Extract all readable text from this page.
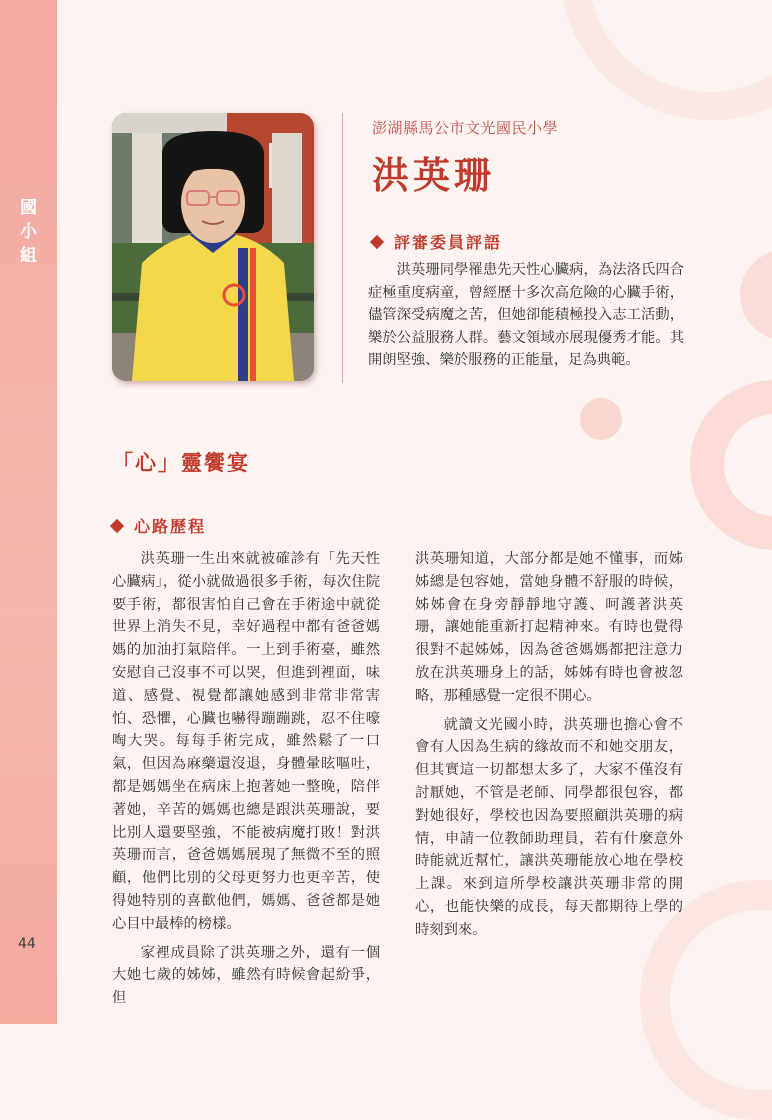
國
小
組
44
澎湖縣馬公市文光國民小學
洪英珊
評審委員評語

洪英珊同學罹患先天性心臟病，為法洛氏四合症極重度病童，曾經歷十多次高危險的心臟手術，儘管深受病魔之苦，但她卻能積極投入志工活動，樂於公益服務人群。藝文領域亦展現優秀才能。其開朗堅強、樂於服務的正能量，足為典範。

「心」靈饗宴
心路歷程

洪英珊一生出來就被確診有「先天性心臟病」，從小就做過很多手術，每次住院要手術，都很害怕自己會在手術途中就從世界上消失不見，幸好過程中都有爸爸媽媽的加油打氣陪伴。一上到手術臺，雖然安慰自己沒事不可以哭，但進到裡面，味道、感覺、視覺都讓她感到非常非常害怕、恐懼，心臟也嚇得蹦蹦跳，忍不住嚎啕大哭。每每手術完成，雖然鬆了一口氣，但因為麻藥還沒退，身體暈眩嘔吐，都是媽媽坐在病床上抱著她一整晚，陪伴著她，辛苦的媽媽也總是跟洪英珊說，要比別人還要堅強，不能被病魔打敗！對洪英珊而言，爸爸媽媽展現了無微不至的照顧，他們比別的父母更努力也更辛苦，使得她特別的喜歡他們，媽媽、爸爸都是她心目中最棒的榜樣。

家裡成員除了洪英珊之外，還有一個大她七歲的姊姊，雖然有時候會起紛爭，但

洪英珊知道，大部分都是她不懂事，而姊姊總是包容她，當她身體不舒服的時候，姊姊會在身旁靜靜地守護、呵護著洪英珊，讓她能重新打起精神來。有時也覺得很對不起姊姊，因為爸爸媽媽都把注意力放在洪英珊身上的話，姊姊有時也會被忽略，那種感覺一定很不開心。

就讀文光國小時，洪英珊也擔心會不會有人因為生病的緣故而不和她交朋友，但其實這一切都想太多了，大家不僅沒有討厭她，不管是老師、同學都很包容，都對她很好，學校也因為要照顧洪英珊的病情，申請一位教師助理員，若有什麼意外時能就近幫忙，讓洪英珊能放心地在學校上課。來到這所學校讓洪英珊非常的開心，也能快樂的成長，每天都期待上學的時刻到來。
